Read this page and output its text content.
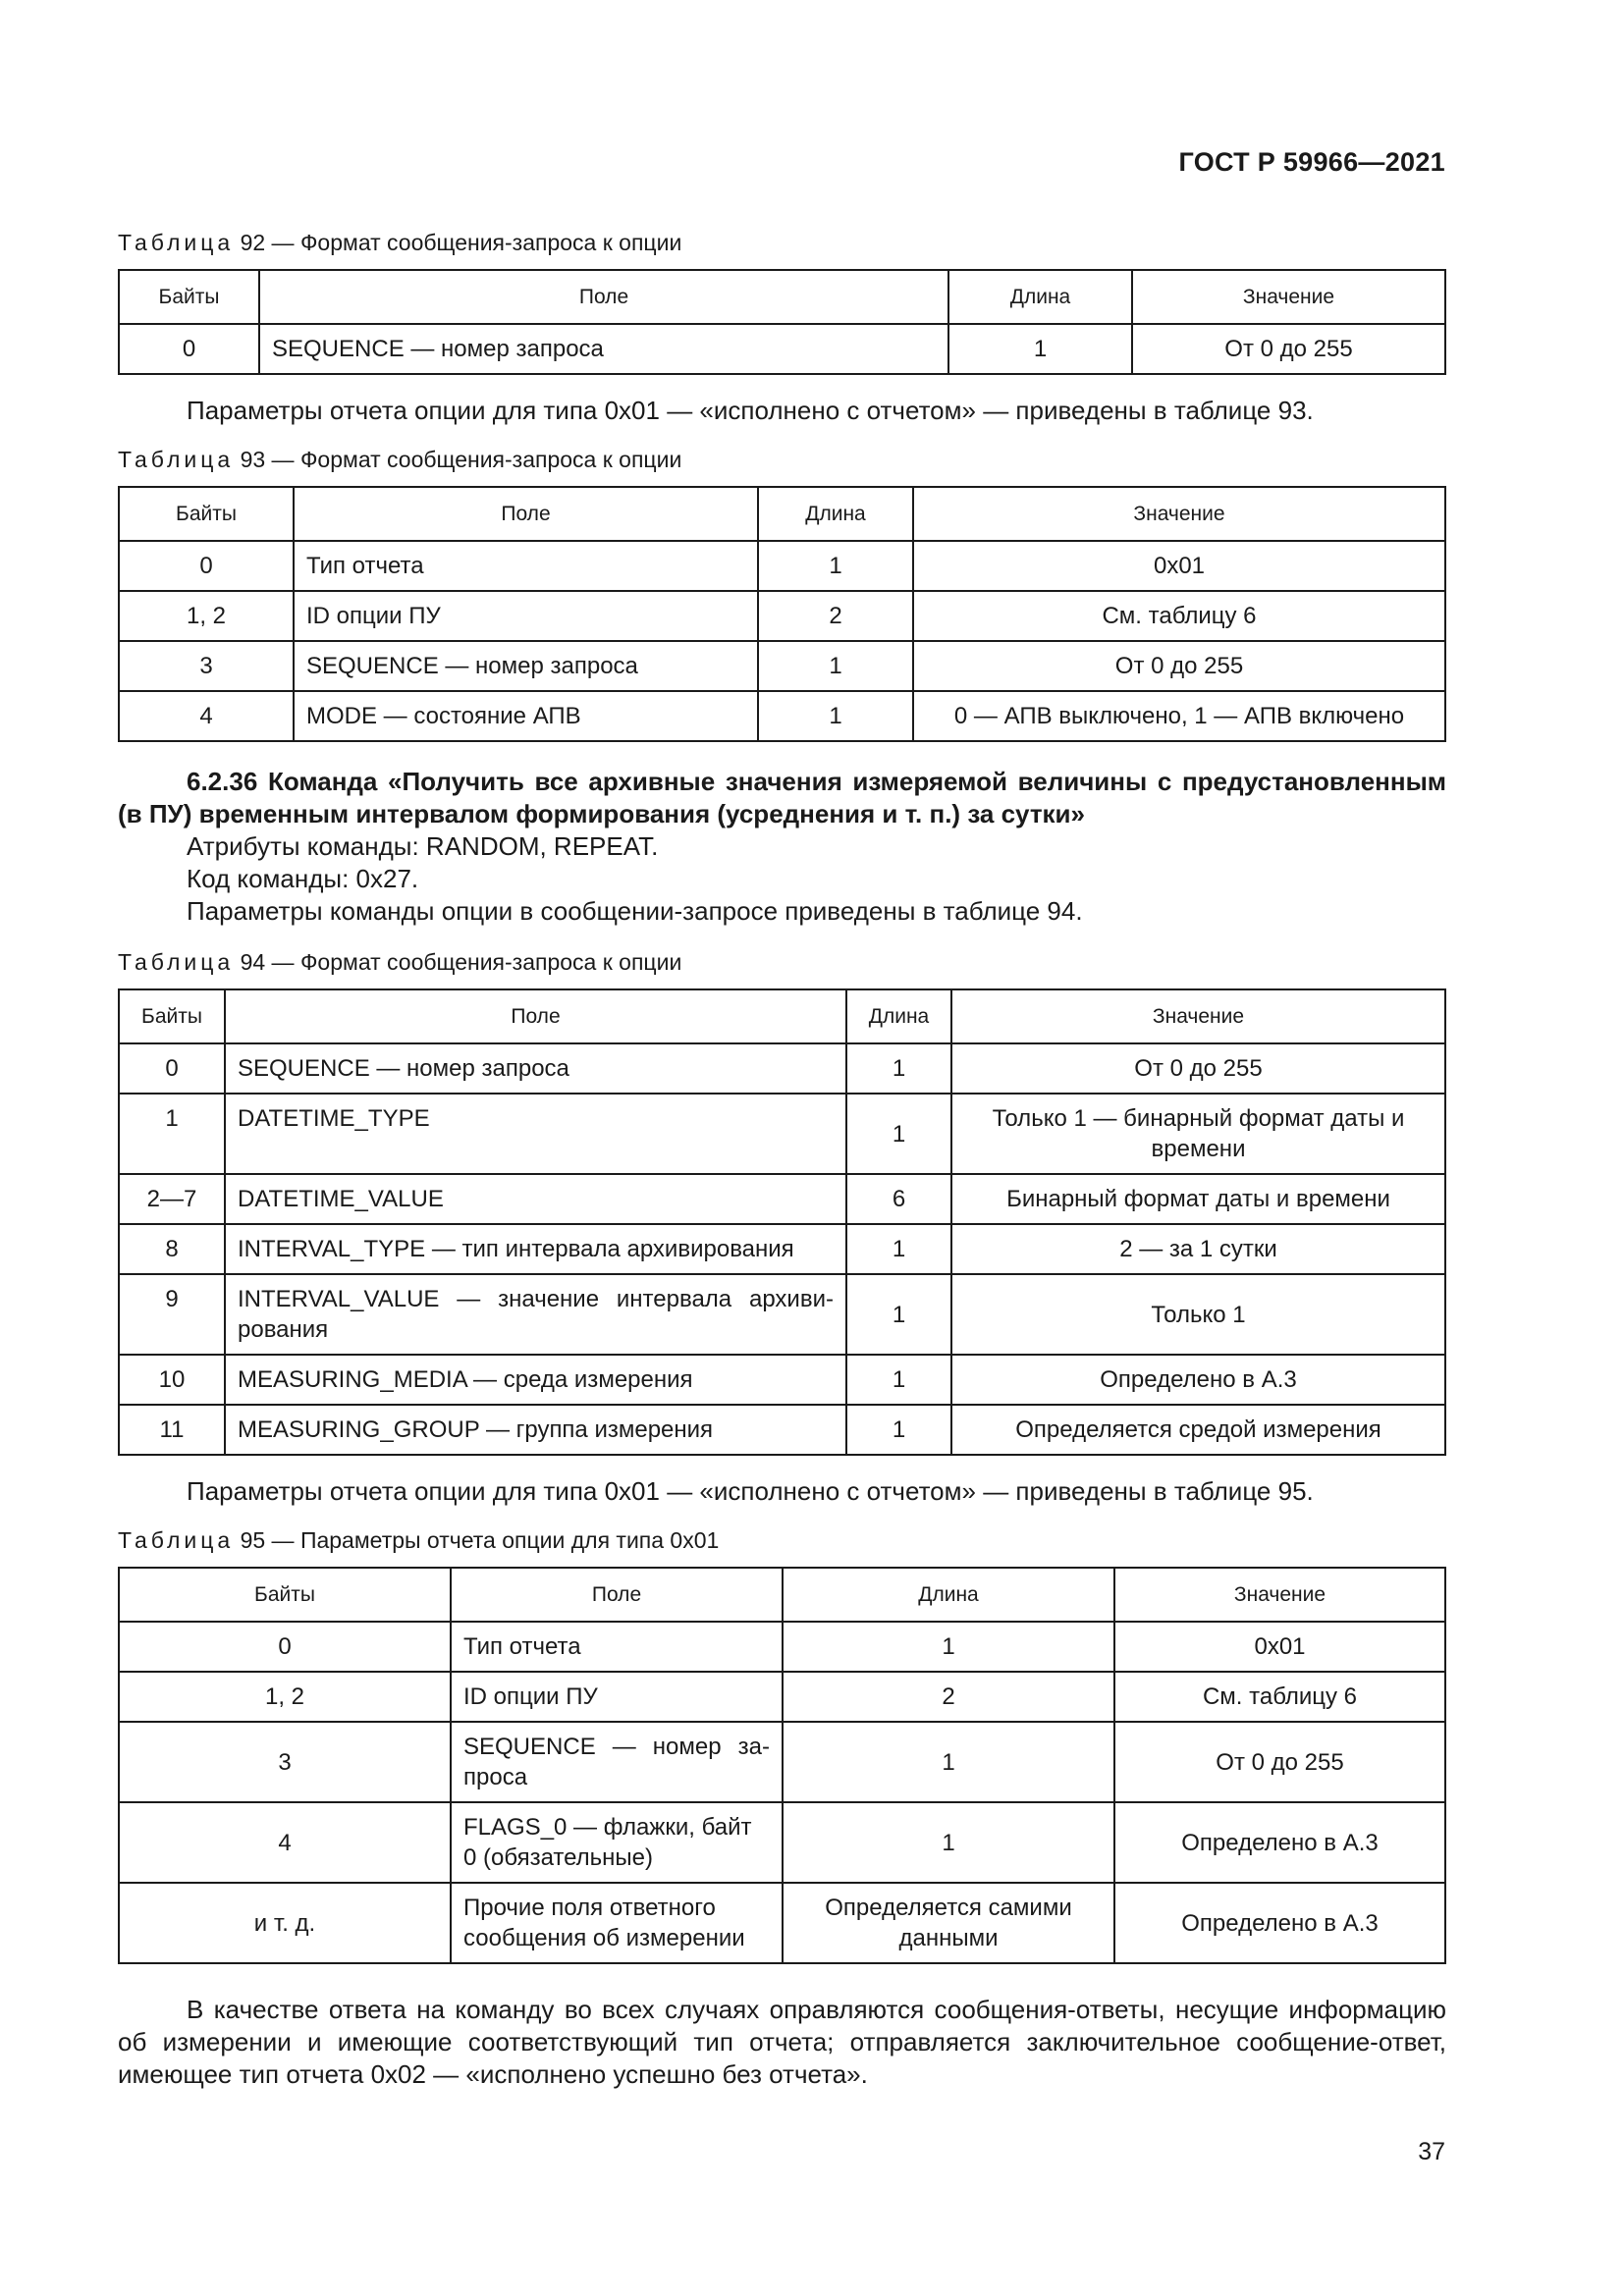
ГОСТ Р 59966—2021
Таблица 92 — Формат сообщения-запроса к опции
Байты	Поле	Длина	Значение
0	SEQUENCE — номер запроса	1	От 0 до 255

Параметры отчета опции для типа 0x01 — «исполнено с отчетом» — приведены в таблице 93.

Таблица 93 — Формат сообщения-запроса к опции
Байты	Поле	Длина	Значение
0	Тип отчета	1	0x01
1, 2	ID опции ПУ	2	См. таблицу 6
3	SEQUENCE — номер запроса	1	От 0 до 255
4	MODE — состояние АПВ	1	0 — АПВ выключено, 1 — АПВ включено

6.2.36 Команда «Получить все архивные значения измеряемой величины с предустановленным (в ПУ) временным интервалом формирования (усреднения и т. п.) за сутки»

Атрибуты команды: RANDOM, REPEAT.

Код команды: 0x27.

Параметры команды опции в сообщении-запросе приведены в таблице 94.

Таблица 94 — Формат сообщения-запроса к опции
Байты	Поле	Длина	Значение
0	SEQUENCE — номер запроса	1	От 0 до 255
1	DATETIME_TYPE	1	Только 1 — бинарный формат даты и времени
2—7	DATETIME_VALUE	6	Бинарный формат даты и времени
8	INTERVAL_TYPE — тип интервала архивирования	1	2 — за 1 сутки
9	INTERVAL_VALUE — значение интервала архивирования	1	Только 1
10	MEASURING_MEDIA — среда измерения	1	Определено в А.3
11	MEASURING_GROUP — группа измерения	1	Определяется средой измерения

Параметры отчета опции для типа 0x01 — «исполнено с отчетом» — приведены в таблице 95.

Таблица 95 — Параметры отчета опции для типа 0x01
Байты	Поле	Длина	Значение
0	Тип отчета	1	0x01
1, 2	ID опции ПУ	2	См. таблицу 6
3	SEQUENCE — номер запроса	1	От 0 до 255
4	FLAGS_0 — флажки, байт 0 (обязательные)	1	Определено в А.3
и т. д.	Прочие поля ответного сообщения об измерении	Определяется самими данными	Определено в А.3

В качестве ответа на команду во всех случаях оправляются сообщения-ответы, несущие информацию об измерении и имеющие соответствующий тип отчета; отправляется заключительное сообщение-ответ, имеющее тип отчета 0x02 — «исполнено успешно без отчета».

37
